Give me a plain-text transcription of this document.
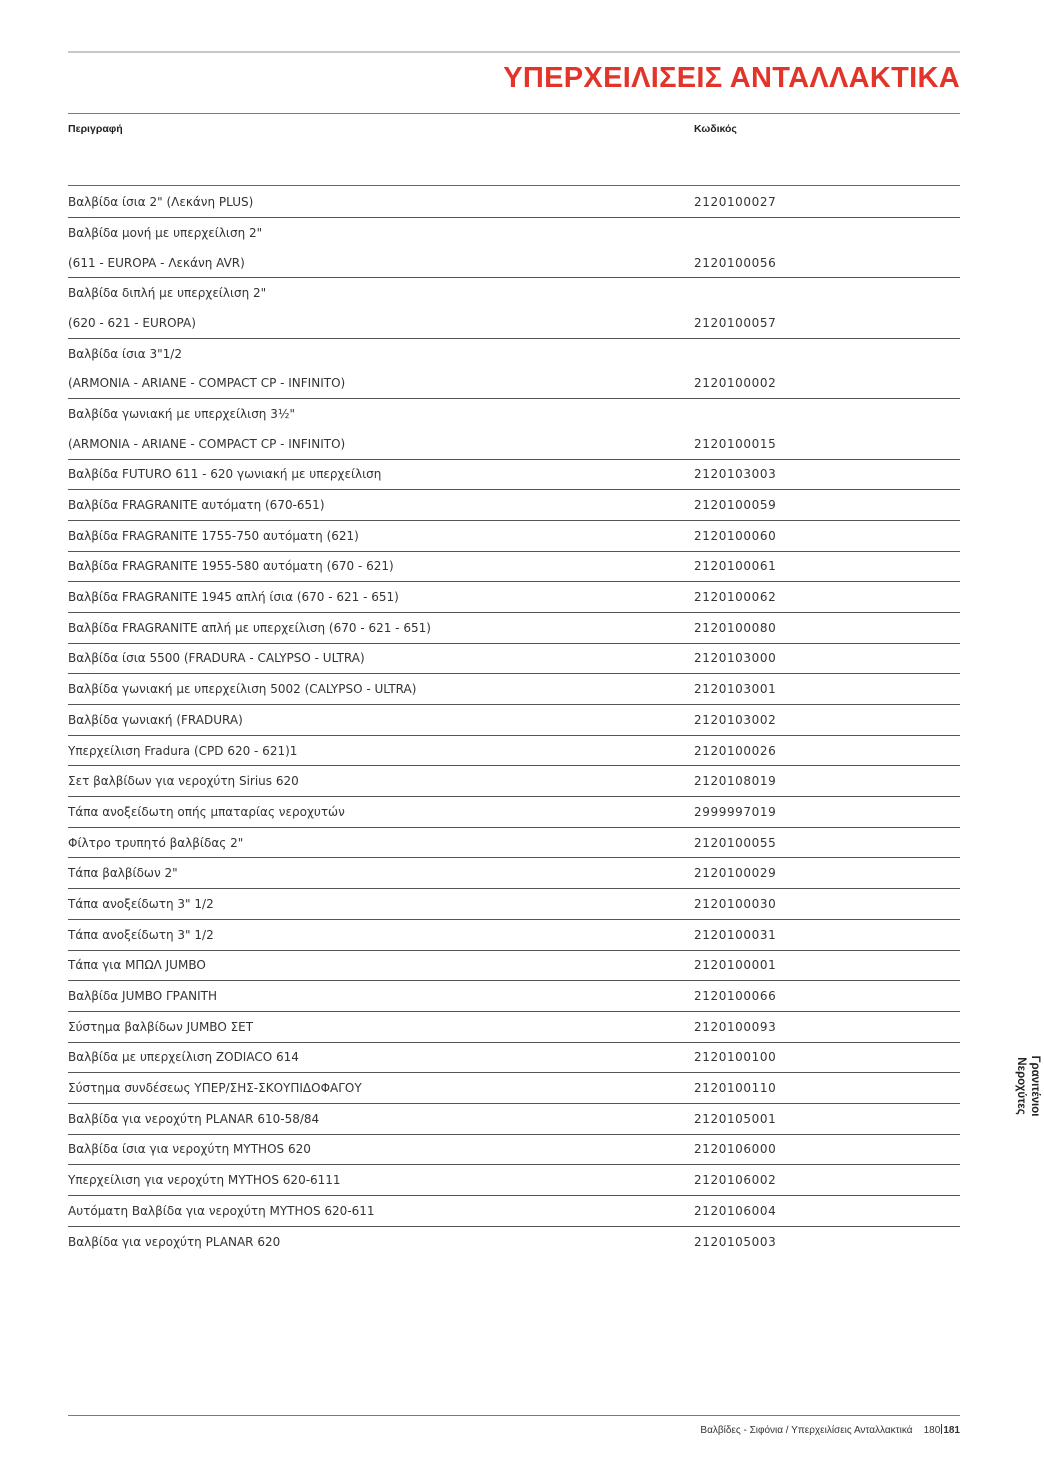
ΥΠΕΡΧΕΙΛΙΣΕΙΣ ΑΝΤΑΛΛΑΚΤΙΚΑ
Περιγραφή	Κωδικός
Βαλβίδα ίσια 2" (Λεκάνη PLUS)	2120100027
Βαλβίδα μονή με υπερχείλιση 2"
(611 - EUROPA - Λεκάνη AVR)	2120100056
Βαλβίδα διπλή με υπερχείλιση 2"
(620 - 621 - EUROPA)	2120100057
Βαλβίδα ίσια 3"1/2
(ARMONIA - ARIANE - COMPACT CP - INFINITO)	2120100002
Βαλβίδα γωνιακή με υπερχείλιση 3½"
(ARMONIA - ARIANE - COMPACT CP - INFINITO)	2120100015
Βαλβίδα FUTURO 611 - 620 γωνιακή με υπερχείλιση	2120103003
Βαλβίδα FRAGRANITE αυτόματη (670-651)	2120100059
Βαλβίδα FRAGRANITE 1755-750 αυτόματη (621)	2120100060
Βαλβίδα FRAGRANITE 1955-580 αυτόματη (670 - 621)	2120100061
Βαλβίδα FRAGRANITE 1945 απλή ίσια (670 - 621 - 651)	2120100062
Βαλβίδα FRAGRANITE απλή με υπερχείλιση (670 - 621 - 651)	2120100080
Βαλβίδα ίσια 5500 (FRADURA - CALYPSO - ULTRA)	2120103000
Βαλβίδα γωνιακή με υπερχείλιση 5002 (CALYPSO - ULTRA)	2120103001
Βαλβίδα γωνιακή (FRADURA)	2120103002
Υπερχείλιση Fradura (CPD 620 - 621)1	2120100026
Σετ βαλβίδων για νεροχύτη Sirius 620	2120108019
Τάπα ανοξείδωτη οπής μπαταρίας νεροχυτών	2999997019
Φίλτρο τρυπητό βαλβίδας 2"	2120100055
Τάπα βαλβίδων 2"	2120100029
Τάπα ανοξείδωτη 3" 1/2	2120100030
Τάπα ανοξείδωτη 3" 1/2	2120100031
Τάπα για ΜΠΩΛ JUMBO	2120100001
Βαλβίδα JUMBO ΓΡΑΝΙΤΗ	2120100066
Σύστημα βαλβίδων JUMBO ΣΕΤ	2120100093
Βαλβίδα με υπερχείλιση ZODIACO 614	2120100100
Σύστημα συνδέσεως ΥΠΕΡ/ΣΗΣ-ΣΚΟΥΠΙΔΟΦΑΓΟΥ	2120100110
Βαλβίδα για νεροχύτη PLANAR 610-58/84	2120105001
Βαλβίδα ίσια για νεροχύτη MYTHOS 620	2120106000
Υπερχείλιση για νεροχύτη MYTHOS 620-6111	2120106002
Αυτόματη Βαλβίδα για νεροχύτη MYTHOS 620-611	2120106004
Βαλβίδα για νεροχύτη PLANAR 620	2120105003
Γρανιτένιοι
Νεροχύτες
Βαλβίδες - Σιφόνια / Υπερχειλίσεις Ανταλλακτικά 180 181
